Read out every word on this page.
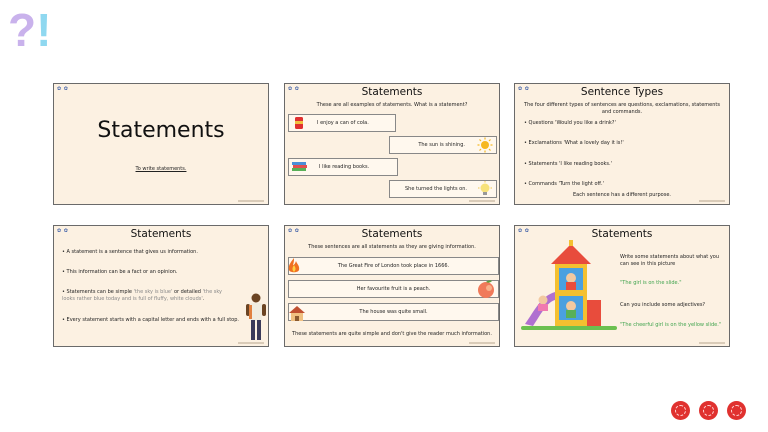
?!
✿ ✿
Statements
To write statements.
✿ ✿	Statements
These are all examples of statements. What is a statement?
I enjoy a can of cola.
The sun is shining.
I like reading books.
She turned the lights on.
✿ ✿	Sentence Types
The four different types of sentences are questions, exclamations, statements and commands.
• Questions 'Would you like a drink?'
• Exclamations 'What a lovely day it is!'
• Statements 'I like reading books.'
• Commands 'Turn the light off.'
Each sentence has a different purpose.
✿ ✿	Statements
• A statement is a sentence that gives us information.
• This information can be a fact or an opinion.
• Statements can be simple 'the sky is blue' or detailed 'the sky looks rather blue today and is full of fluffy, white clouds'.
• Every statement starts with a capital letter and ends with a full stop.
✿ ✿	Statements
These sentences are all statements as they are giving information.
The Great Fire of London took place in 1666.
Her favourite fruit is a peach.
The house was quite small.
These statements are quite simple and don't give the reader much information.
✿ ✿	Statements
Write some statements about what you can see in this picture
"The girl is on the slide."
Can you include some adjectives?
"The cheerful girl is on the yellow slide."
